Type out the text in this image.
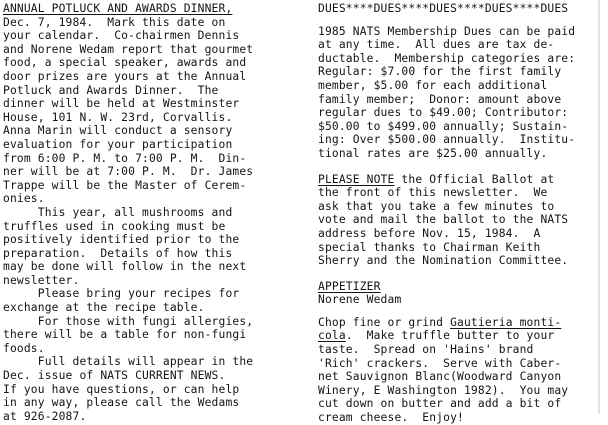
ANNUAL POTLUCK AND AWARDS DINNER,
Dec. 7, 1984.  Mark this date on
your calendar.  Co-chairmen Dennis
and Norene Wedam report that gourmet
food, a special speaker, awards and
door prizes are yours at the Annual
Potluck and Awards Dinner.  The
dinner will be held at Westminster
House, 101 N. W. 23rd, Corvallis.
Anna Marin will conduct a sensory
evaluation for your participation
from 6:00 P. M. to 7:00 P. M.  Din-
ner will be at 7:00 P. M.  Dr. James
Trappe will be the Master of Cerem-
onies.
This year, all mushrooms and
truffles used in cooking must be
positively identified prior to the
preparation.  Details of how this
may be done will follow in the next
newsletter.
Please bring your recipes for
exchange at the recipe table.
For those with fungi allergies,
there will be a table for non-fungi
foods.
Full details will appear in the
Dec. issue of NATS CURRENT NEWS.
If you have questions, or can help
in any way, please call the Wedams
at 926-2087.
DUES****DUES****DUES****DUES****DUES
1985 NATS Membership Dues can be paid
at any time.  All dues are tax de-
ductable.  Membership categories are:
Regular: $7.00 for the first family
member, $5.00 for each additional
family member;  Donor: amount above
regular dues to $49.00; Contributor:
$50.00 to $499.00 annually; Sustain-
ing: Over $500.00 annually.  Institu-
tional rates are $25.00 annually.
PLEASE NOTE the Official Ballot at
the front of this newsletter.  We
ask that you take a few minutes to
vote and mail the ballot to the NATS
address before Nov. 15, 1984.  A
special thanks to Chairman Keith
Sherry and the Nomination Committee.
APPETIZER
Norene Wedam
Chop fine or grind Gautieria monti-
cola.  Make truffle butter to your
taste.  Spread on 'Hains' brand
'Rich' crackers.  Serve with Caber-
net Sauvignon Blanc(Woodward Canyon
Winery, E Washington 1982).  You may
cut down on butter and add a bit of
cream cheese.  Enjoy!
